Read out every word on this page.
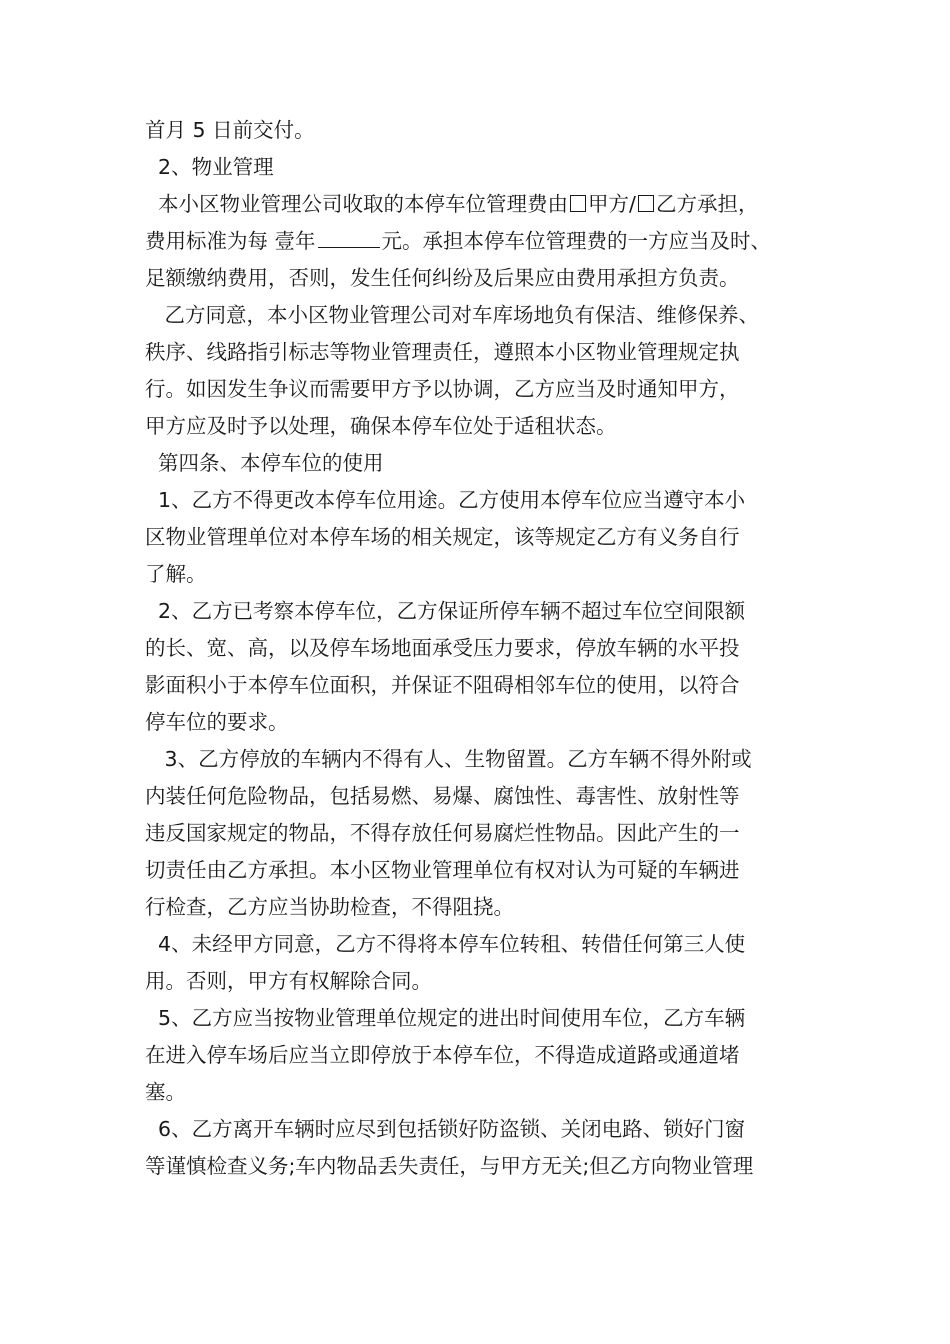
首月 5 日前交付。
2、物业管理
本小区物业管理公司收取的本停车位管理费由 甲方/ 乙方承担，
费用标准为每 壹年	元。承担本停车位管理费的一方应当及时、
足额缴纳费用，否则，发生任何纠纷及后果应由费用承担方负责。
乙方同意，本小区物业管理公司对车库场地负有保洁、维修保养、
秩序、线路指引标志等物业管理责任，遵照本小区物业管理规定执
行。如因发生争议而需要甲方予以协调，乙方应当及时通知甲方，
甲方应及时予以处理，确保本停车位处于适租状态。
第四条、本停车位的使用
1、乙方不得更改本停车位用途。乙方使用本停车位应当遵守本小
区物业管理单位对本停车场的相关规定，该等规定乙方有义务自行
了解。
2、乙方已考察本停车位，乙方保证所停车辆不超过车位空间限额
的长、宽、高，以及停车场地面承受压力要求，停放车辆的水平投
影面积小于本停车位面积，并保证不阻碍相邻车位的使用，以符合
停车位的要求。
3、乙方停放的车辆内不得有人、生物留置。乙方车辆不得外附或
内装任何危险物品，包括易燃、易爆、腐蚀性、毒害性、放射性等
违反国家规定的物品，不得存放任何易腐烂性物品。因此产生的一
切责任由乙方承担。本小区物业管理单位有权对认为可疑的车辆进
行检查，乙方应当协助检查，不得阻挠。
4、未经甲方同意，乙方不得将本停车位转租、转借任何第三人使
用。否则，甲方有权解除合同。
5、乙方应当按物业管理单位规定的进出时间使用车位，乙方车辆
在进入停车场后应当立即停放于本停车位，不得造成道路或通道堵
塞。
6、乙方离开车辆时应尽到包括锁好防盗锁、关闭电路、锁好门窗
等谨慎检查义务;车内物品丢失责任，与甲方无关;但乙方向物业管理
